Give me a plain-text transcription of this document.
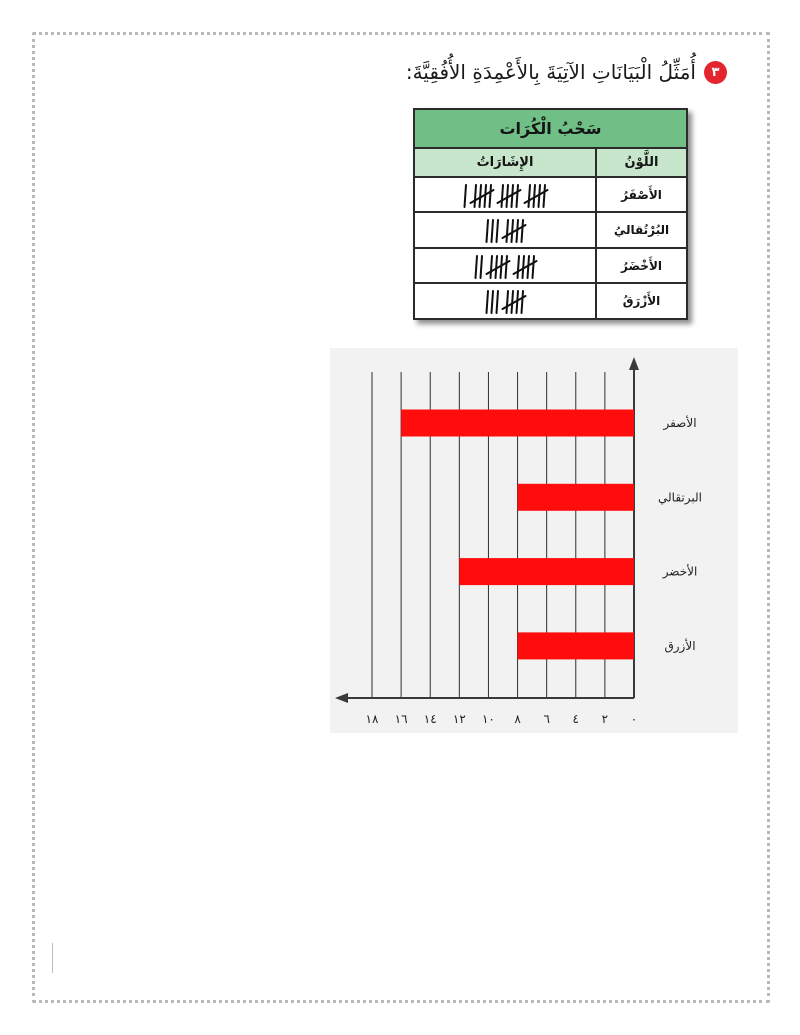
٣
أُمَثِّلُ الْبَيَانَاتِ الآتِيَةَ بِالأَعْمِدَةِ الأُفُقِيَّةَ:
سَحْبُ الْكُرَات	
الإِشَارَاتُ	اللَّوْنُ

	الأَصْفَرُ

	البُرْتُقاليُ

	الأَخْضَرُ

	الأَزْرَقُ
٠
٢
٤
٦
٨
١٠
١٢
١٤
١٦
١٨
الأصفر
البرتقالي
الأخضر
الأزرق
